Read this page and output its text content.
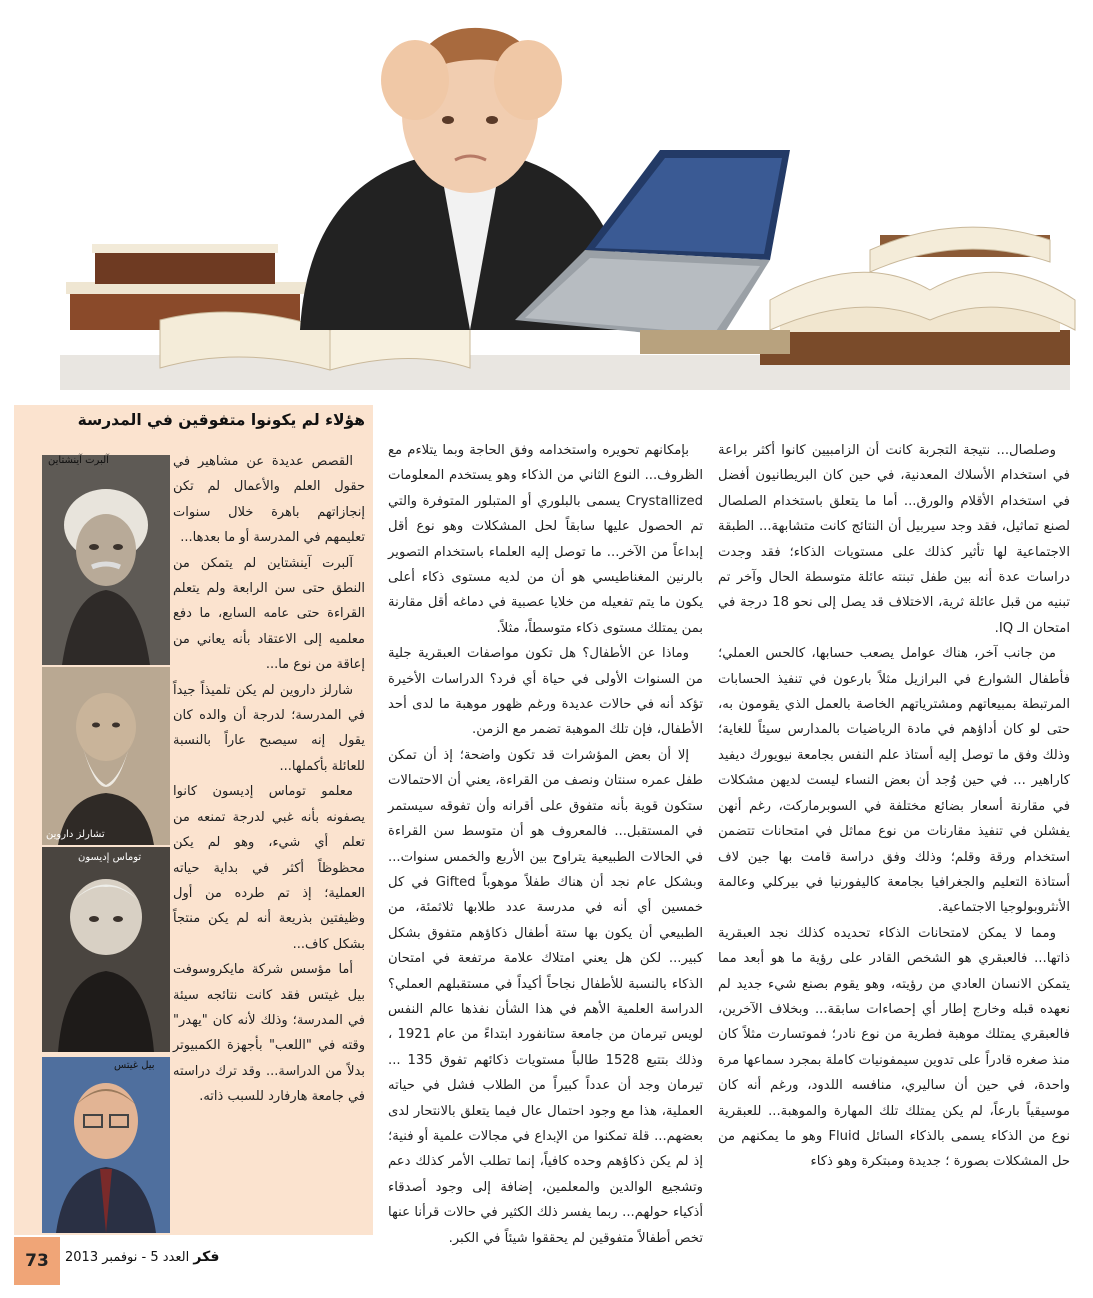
وصلصال... نتيجة التجربة كانت أن الزامبيين كانوا أكثر براعة في استخدام الأسلاك المعدنية، في حين كان البريطانيون أفضل في استخدام الأقلام والورق... أما ما يتعلق باستخدام الصلصال لصنع تماثيل، فقد وجد سيربيل أن النتائج كانت متشابهة... الطبقة الاجتماعية لها تأثير كذلك على مستويات الذكاء؛ فقد وجدت دراسات عدة أنه بين طفل تبنته عائلة متوسطة الحال وآخر تم تبنيه من قبل عائلة ثرية، الاختلاف قد يصل إلى نحو 18 درجة في امتحان الـ IQ.

من جانب آخر، هناك عوامل يصعب حسابها، كالحس العملي؛ فأطفال الشوارع في البرازيل مثلاً بارعون في تنفيذ الحسابات المرتبطة بمبيعاتهم ومشترياتهم الخاصة بالعمل الذي يقومون به، حتى لو كان أداؤهم في مادة الرياضيات بالمدارس سيئاً للغاية؛ وذلك وفق ما توصل إليه أستاذ علم النفس بجامعة نيويورك ديفيد كاراهير ... في حين وُجد أن بعض النساء ليست لديهن مشكلات في مقارنة أسعار بضائع مختلفة في السوبرماركت، رغم أنهن يفشلن في تنفيذ مقارنات من نوع مماثل في امتحانات تتضمن استخدام ورقة وقلم؛ وذلك وفق دراسة قامت بها جين لاف أستاذة التعليم والجغرافيا بجامعة كاليفورنيا في بيركلي وعالمة الأنثروبولوجيا الاجتماعية.

ومما لا يمكن لامتحانات الذكاء تحديده كذلك نجد العبقرية ذاتها... فالعبقري هو الشخص القادر على رؤية ما هو أبعد مما يتمكن الانسان العادي من رؤيته، وهو يقوم بصنع شيء جديد لم نعهده قبله وخارج إطار أي إحصاءات سابقة... وبخلاف الآخرين، فالعبقري يمتلك موهبة فطرية من نوع نادر؛ فموتسارت مثلاً كان منذ صغره قادراً على تدوين سيمفونيات كاملة بمجرد سماعها مرة واحدة، في حين أن ساليري، منافسه اللدود، ورغم أنه كان موسيقياً بارعاً، لم يكن يمتلك تلك المهارة والموهبة... للعبقرية نوع من الذكاء يسمى بالذكاء السائل Fluid وهو ما يمكنهم من حل المشكلات بصورة ؛ جديدة ومبتكرة وهو ذكاء

بإمكانهم تحويره واستخدامه وفق الحاجة وبما يتلاءم مع الظروف... النوع الثاني من الذكاء وهو يستخدم المعلومات Crystallized يسمى بالبلوري أو المتبلور المتوفرة والتي تم الحصول عليها سابقاً لحل المشكلات وهو نوع أقل إبداعاً من الآخر... ما توصل إليه العلماء باستخدام التصوير بالرنين المغناطيسي هو أن من لديه مستوى ذكاء أعلى يكون ما يتم تفعيله من خلايا عصبية في دماغه أقل مقارنة بمن يمتلك مستوى ذكاء متوسطاً، مثلاً.

وماذا عن الأطفال؟ هل تكون مواصفات العبقرية جلية من السنوات الأولى في حياة أي فرد؟ الدراسات الأخيرة تؤكد أنه في حالات عديدة ورغم ظهور موهبة ما لدى أحد الأطفال، فإن تلك الموهبة تضمر مع الزمن.

إلا أن بعض المؤشرات قد تكون واضحة؛ إذ أن تمكن طفل عمره سنتان ونصف من القراءة، يعني أن الاحتمالات ستكون قوية بأنه متفوق على أقرانه وأن تفوقه سيستمر في المستقبل... فالمعروف هو أن متوسط سن القراءة في الحالات الطبيعية يتراوح بين الأربع والخمس سنوات... وبشكل عام نجد أن هناك طفلاً موهوباً Gifted في كل خمسين أي أنه في مدرسة عدد طلابها ثلاثمئة، من الطبيعي أن يكون بها ستة أطفال ذكاؤهم متفوق بشكل كبير... لكن هل يعني امتلاك علامة مرتفعة في امتحان الذكاء بالنسبة للأطفال نجاحاً أكيداً في مستقبلهم العملي؟ الدراسة العلمية الأهم في هذا الشأن نفذها عالم النفس لويس تيرمان من جامعة ستانفورد ابتداءً من عام 1921 ، وذلك بتتبع 1528 طالباً مستويات ذكائهم تفوق 135 ... تيرمان وجد أن عدداً كبيراً من الطلاب فشل في حياته العملية، هذا مع وجود احتمال عال فيما يتعلق بالانتحار لدى بعضهم... قلة تمكنوا من الإبداع في مجالات علمية أو فنية؛ إذ لم يكن ذكاؤهم وحده كافياً، إنما تطلب الأمر كذلك دعم وتشجيع الوالدين والمعلمين، إضافة إلى وجود أصدقاء أذكياء حولهم... ربما يفسر ذلك الكثير في حالات قرأنا عنها تخص أطفالاً متفوقين لم يحققوا شيئاً في الكبر.

هؤلاء لم يكونوا متفوقين في المدرسة

القصص عديدة عن مشاهير في حقول العلم والأعمال لم تكن إنجازاتهم باهرة خلال سنوات تعليمهم في المدرسة أو ما بعدها...

آلبرت آينشتاين لم يتمكن من النطق حتى سن الرابعة ولم يتعلم القراءة حتى عامه السابع، ما دفع معلميه إلى الاعتقاد بأنه يعاني من إعاقة من نوع ما...

شارلز داروين لم يكن تلميذاً جيداً في المدرسة؛ لدرجة أن والده كان يقول إنه سيصبح عاراً بالنسبة للعائلة بأكملها...

معلمو توماس إديسون كانوا يصفونه بأنه غبي لدرجة تمنعه من تعلم أي شيء، وهو لم يكن محظوظاً أكثر في بداية حياته العملية؛ إذ تم طرده من أول وظيفتين بذريعة أنه لم يكن منتجاً بشكل كاف...

أما مؤسس شركة مايكروسوفت بيل غيتس فقد كانت نتائجه سيئة في المدرسة؛ وذلك لأنه كان "يهدر" وقته في "اللعب" بأجهزة الكمبيوتر بدلاً من الدراسة... وقد ترك دراسته في جامعة هارفارد للسبب ذاته.

آلبرت آينشتاين
تشارلز داروين
توماس إديسون
بيل غيتس
73	فكر العدد 5 - نوفمبر 2013
